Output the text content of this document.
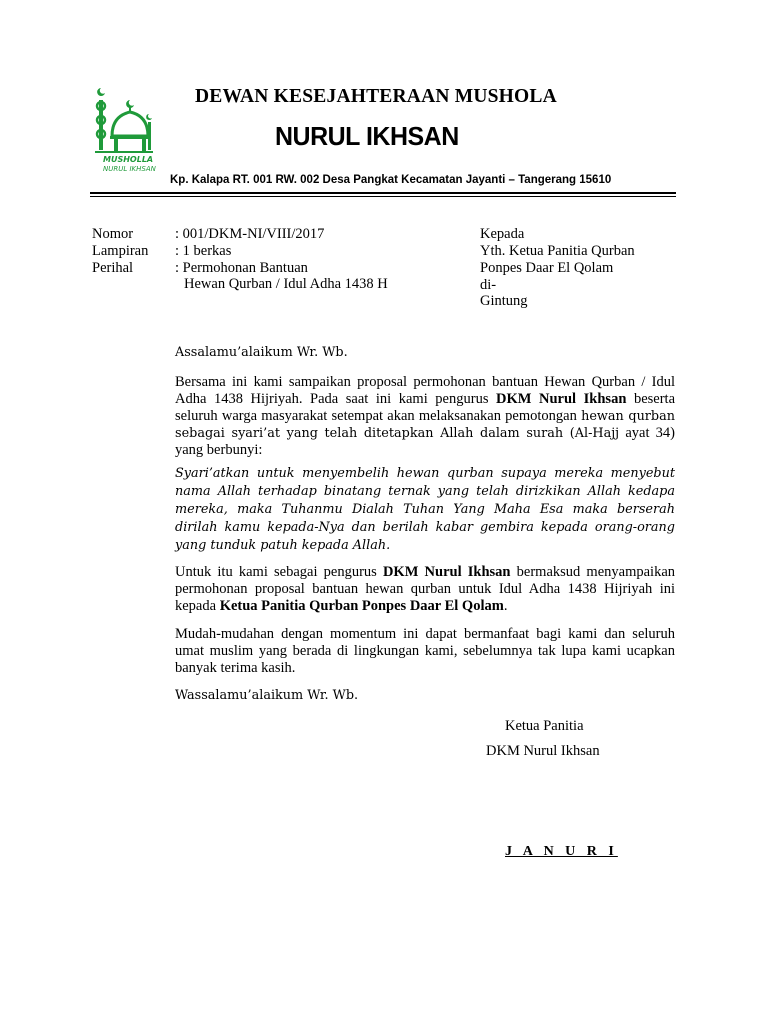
MUSHOLLA
NURUL IKHSAN
DEWAN KESEJAHTERAAN MUSHOLA
NURUL IKHSAN
Kp. Kalapa RT. 001 RW. 002 Desa Pangkat Kecamatan Jayanti – Tangerang 15610
Nomor	: 001/DKM-NI/VIII/2017
Lampiran : 1 berkas
Perihal	: Permohonan Bantuan
Hewan Qurban / Idul Adha 1438 H
Kepada
Yth. Ketua Panitia Qurban
Ponpes Daar El Qolam
di-
Gintung
Assalamu’alaikum Wr. Wb.
Bersama ini kami sampaikan proposal permohonan bantuan Hewan Qurban / Idul Adha 1438 Hijriyah. Pada saat ini kami pengurus DKM Nurul Ikhsan beserta seluruh warga masyarakat setempat akan melaksanakan pemotongan hewan qurban sebagai syari’at yang telah ditetapkan Allah dalam surah (Al-Hajj ayat 34) yang berbunyi:
Syari’atkan untuk menyembelih hewan qurban supaya mereka menyebut nama Allah terhadap binatang ternak yang telah dirizkikan Allah kedapa mereka, maka Tuhanmu Dialah Tuhan Yang Maha Esa maka berserah dirilah kamu kepada-Nya dan berilah kabar gembira kepada orang-orang yang tunduk patuh kepada Allah.
Untuk itu kami sebagai pengurus DKM Nurul Ikhsan bermaksud menyampaikan permohonan proposal bantuan hewan qurban untuk Idul Adha 1438 Hijriyah ini kepada Ketua Panitia Qurban Ponpes Daar El Qolam.
Mudah-mudahan dengan momentum ini dapat bermanfaat bagi kami dan seluruh umat muslim yang berada di lingkungan kami, sebelumnya tak lupa kami ucapkan banyak terima kasih.
Wassalamu’alaikum Wr. Wb.
Ketua Panitia
DKM Nurul Ikhsan
J A N U R I
